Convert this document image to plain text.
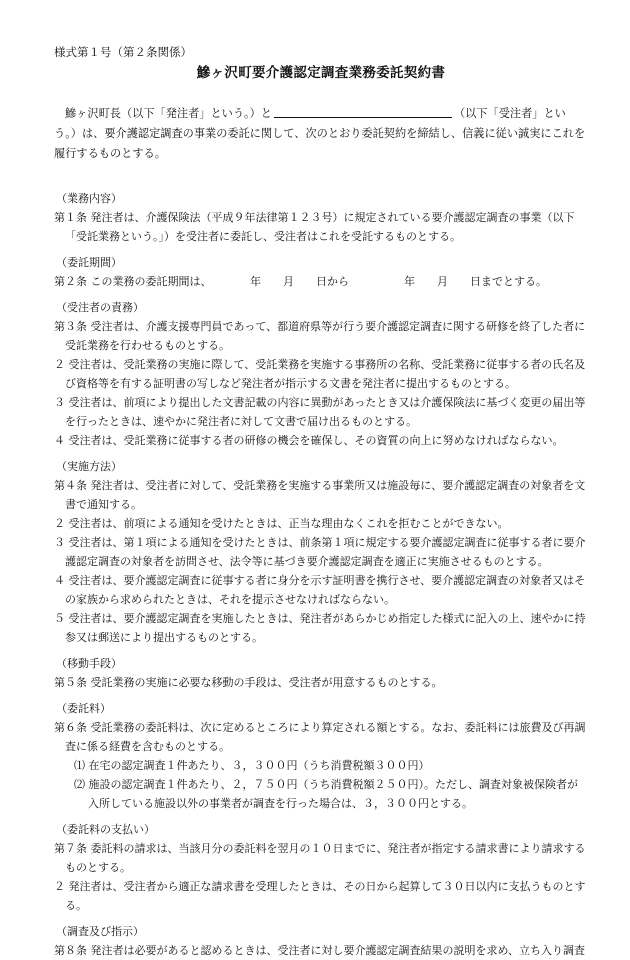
様式第１号（第２条関係）

鰺ヶ沢町要介護認定調査業務委託契約書

鰺ヶ沢町長（以下「発注者」という。）と	（以下「受注者」という。）は、要介護認定調査の事業の委託に関して、次のとおり委託契約を締結し、信義に従い誠実にこれを履行するものとする。

（業務内容）

第１条 発注者は、介護保険法（平成９年法律第１２３号）に規定されている要介護認定調査の事業（以下「受託業務という。」）を受注者に委託し、受注者はこれを受託するものとする。

（委託期間）

第２条 この業務の委託期間は、　　　　年　　月　　日から　　　　　年　　月　　日までとする。

（受注者の責務）

第３条 受注者は、介護支援専門員であって、都道府県等が行う要介護認定調査に関する研修を終了した者に受託業務を行わせるものとする。

２ 受注者は、受託業務の実施に際して、受託業務を実施する事務所の名称、受託業務に従事する者の氏名及び資格等を有する証明書の写しなど発注者が指示する文書を発注者に提出するものとする。

３ 受注者は、前項により提出した文書記載の内容に異動があったとき又は介護保険法に基づく変更の届出等を行ったときは、速やかに発注者に対して文書で届け出るものとする。

４ 受注者は、受託業務に従事する者の研修の機会を確保し、その資質の向上に努めなければならない。

（実施方法）

第４条 発注者は、受注者に対して、受託業務を実施する事業所又は施設毎に、要介護認定調査の対象者を文書で通知する。

２ 受注者は、前項による通知を受けたときは、正当な理由なくこれを拒むことができない。

３ 受注者は、第１項による通知を受けたときは、前条第１項に規定する要介護認定調査に従事する者に要介護認定調査の対象者を訪問させ、法令等に基づき要介護認定調査を適正に実施させるものとする。

４ 受注者は、要介護認定調査に従事する者に身分を示す証明書を携行させ、要介護認定調査の対象者又はその家族から求められたときは、それを提示させなければならない。

５ 受注者は、要介護認定調査を実施したときは、発注者があらかじめ指定した様式に記入の上、速やかに持参又は郵送により提出するものとする。

（移動手段）

第５条 受託業務の実施に必要な移動の手段は、受注者が用意するものとする。

（委託料）

第６条 受託業務の委託料は、次に定めるところにより算定される額とする。なお、委託料には旅費及び再調査に係る経費を含むものとする。

⑴ 在宅の認定調査１件あたり、３，３００円（うち消費税額３００円）

⑵ 施設の認定調査１件あたり、２，７５０円（うち消費税額２５０円）。ただし、調査対象被保険者が入所している施設以外の事業者が調査を行った場合は、３，３００円とする。

（委託料の支払い）

第７条 委託料の請求は、当該月分の委託料を翌月の１０日までに、発注者が指定する請求書により請求するものとする。

２ 発注者は、受注者から適正な請求書を受理したときは、その日から起算して３０日以内に支払うものとする。

（調査及び指示）

第８条 発注者は必要があると認めるときは、受注者に対し要介護認定調査結果の説明を求め、立ち入り調査
